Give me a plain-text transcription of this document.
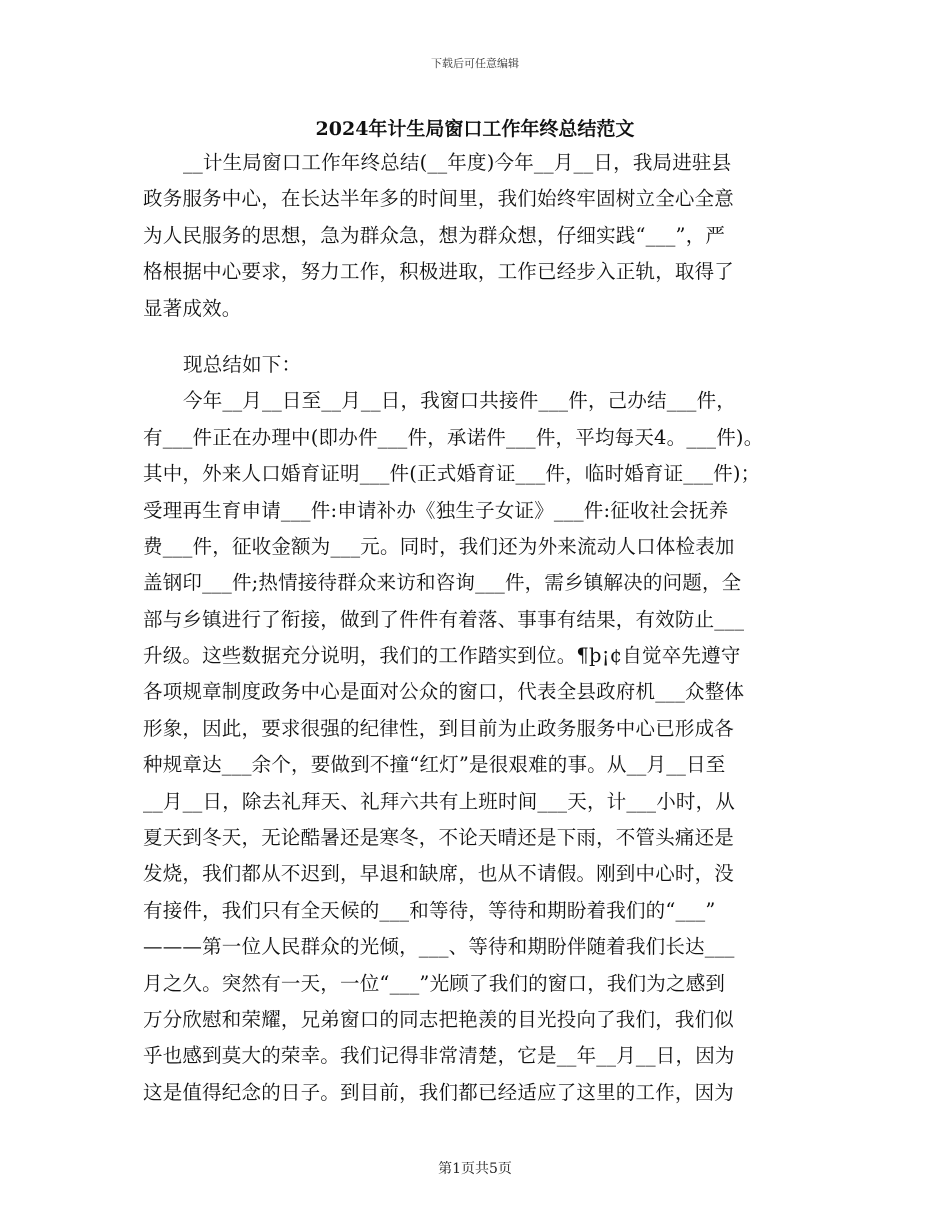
下载后可任意编辑
2024年计生局窗口工作年终总结范文
__计生局窗口工作年终总结(__年度)今年__月__日，我局进驻县
政务服务中心，在长达半年多的时间里，我们始终牢固树立全心全意
为人民服务的思想，急为群众急，想为群众想，仔细实践“___”，严
格根据中心要求，努力工作，积极进取，工作已经步入正轨，取得了
显著成效。
现总结如下：
今年__月__日至__月__日，我窗口共接件___件，己办结___件，
有___件正在办理中(即办件___件，承诺件___件，平均每天4。___件)。
其中，外来人口婚育证明___件(正式婚育证___件，临时婚育证___件)；
受理再生育申请___件:申请补办《独生子女证》___件:征收社会抚养
费___件，征收金额为___元。同时，我们还为外来流动人口体检表加
盖钢印___件;热情接待群众来访和咨询___件，需乡镇解决的问题，全
部与乡镇进行了衔接，做到了件件有着落、事事有结果，有效防止___
升级。这些数据充分说明，我们的工作踏实到位。¶þ¡¢自觉卒先遵守
各项规章制度政务中心是面对公众的窗口，代表全县政府机___众整体
形象，因此，要求很强的纪律性，到目前为止政务服务中心已形成各
种规章达___余个，要做到不撞“红灯”是很艰难的事。从__月__日至
__月__日，除去礼拜天、礼拜六共有上班时间___天，计___小时，从
夏天到冬天，无论酷暑还是寒冬，不论天晴还是下雨，不管头痛还是
发烧，我们都从不迟到，早退和缺席，也从不请假。刚到中心时，没
有接件，我们只有全天候的___和等待，等待和期盼着我们的“___”
———第一位人民群众的光倾，___、等待和期盼伴随着我们长达___
月之久。突然有一天，一位“___”光顾了我们的窗口，我们为之感到
万分欣慰和荣耀，兄弟窗口的同志把艳羡的目光投向了我们，我们似
乎也感到莫大的荣幸。我们记得非常清楚，它是__年__月__日，因为
这是值得纪念的日子。到目前，我们都已经适应了这里的工作，因为
第1页共5页
